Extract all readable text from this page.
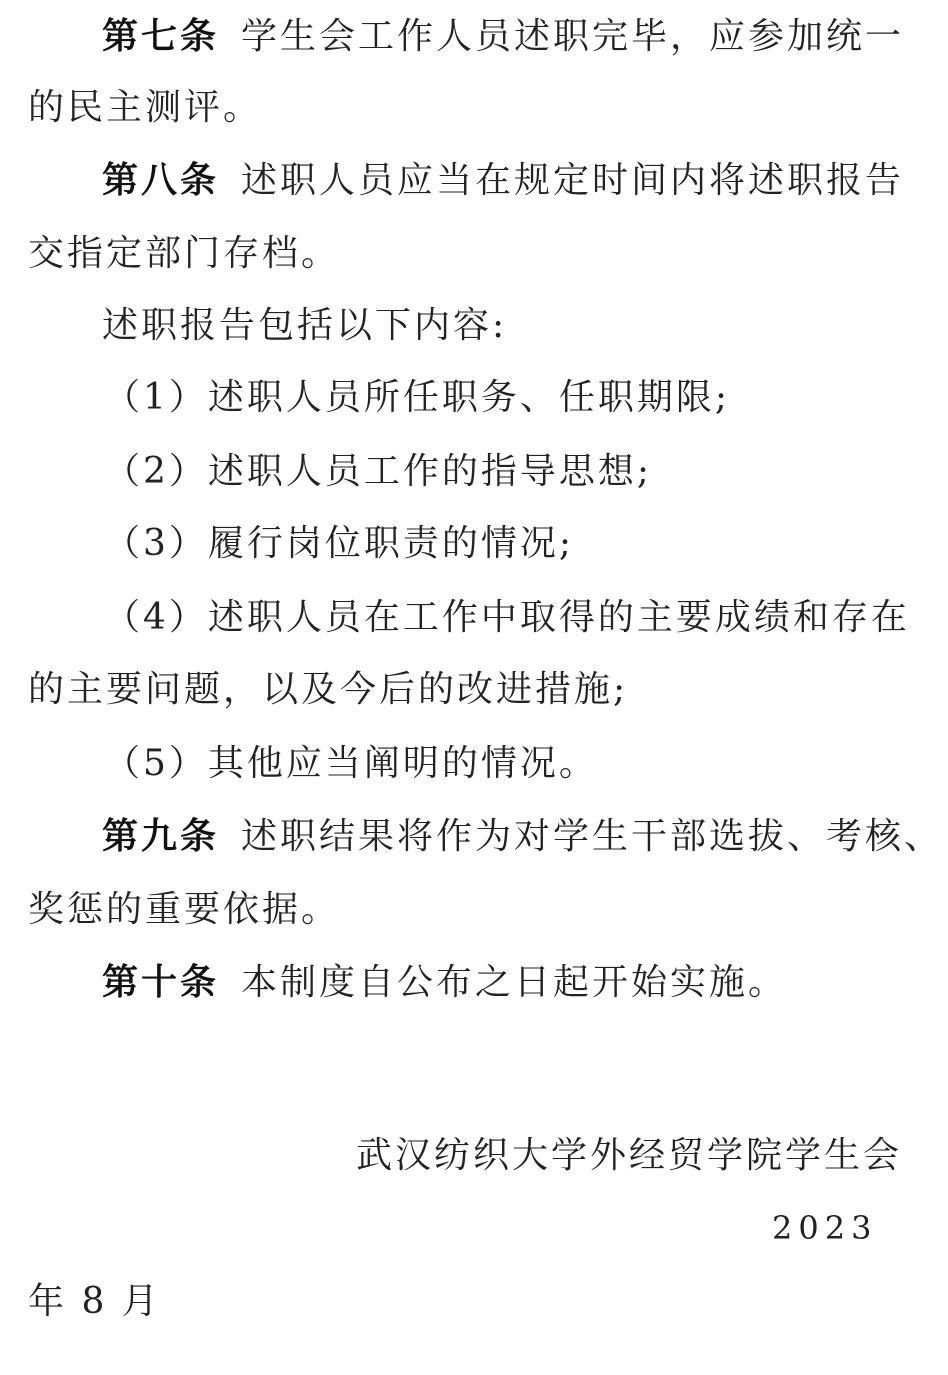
第七条 学生会工作人员述职完毕，应参加统一
的民主测评。
第八条 述职人员应当在规定时间内将述职报告
交指定部门存档。
述职报告包括以下内容:
（1）述职人员所任职务、任职期限;
（2）述职人员工作的指导思想;
（3）履行岗位职责的情况;
（4）述职人员在工作中取得的主要成绩和存在
的主要问题，以及今后的改进措施;
（5）其他应当阐明的情况。
第九条 述职结果将作为对学生干部选拔、考核、
奖惩的重要依据。
第十条 本制度自公布之日起开始实施。
武汉纺织大学外经贸学院学生会
2023
年 8 月
